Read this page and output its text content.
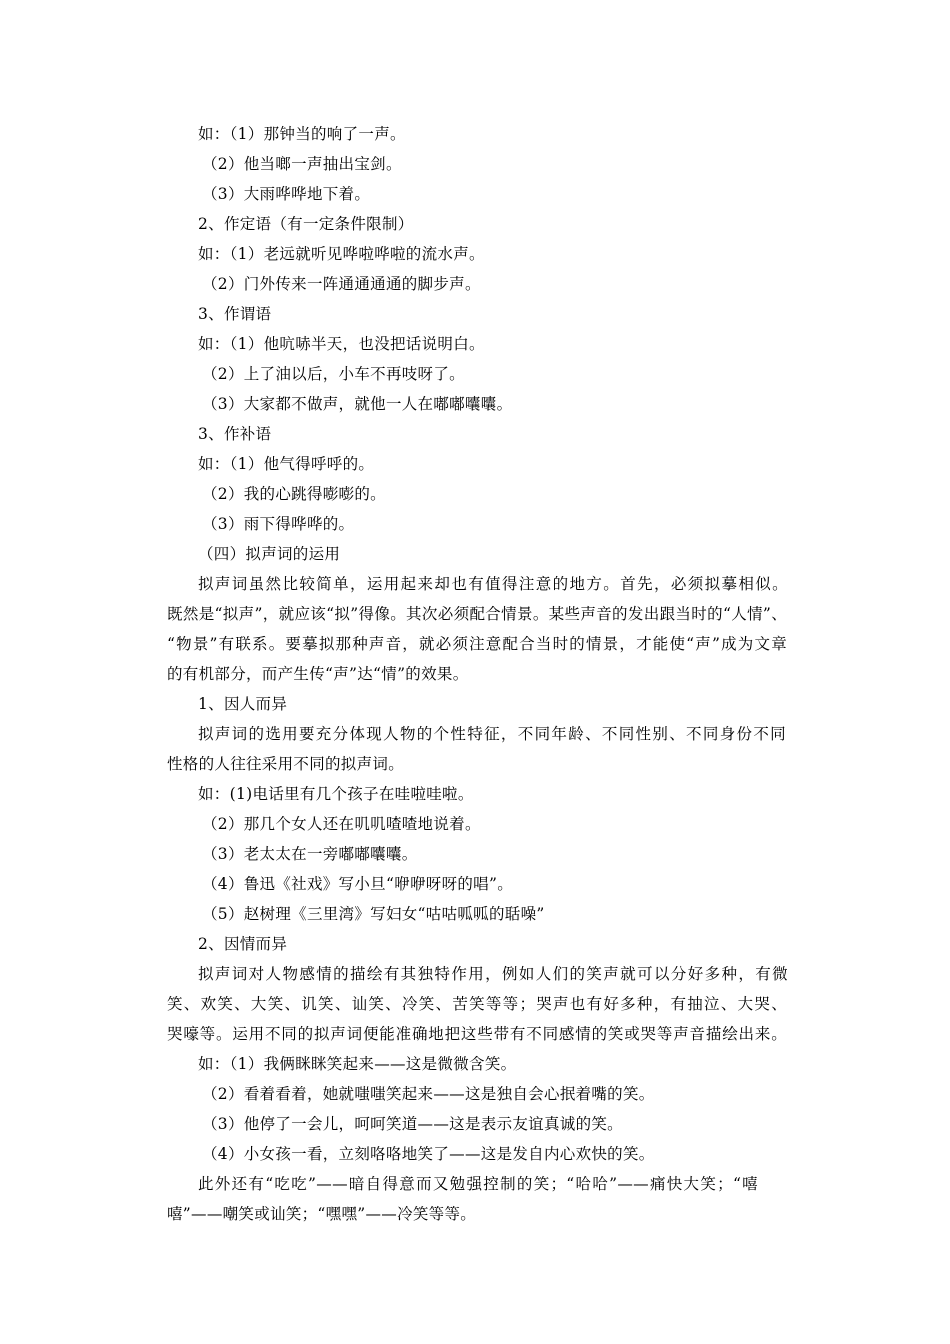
如：（1）那钟当的响了一声。
（2）他当啷一声抽出宝剑。
（3）大雨哗哗地下着。
2、作定语（有一定条件限制）
如：（1）老远就听见哗啦哗啦的流水声。
（2）门外传来一阵通通通通的脚步声。
3、作谓语
如：（1）他吭哧半天，也没把话说明白。
（2）上了油以后，小车不再吱呀了。
（3）大家都不做声，就他一人在嘟嘟囔囔。
3、作补语
如：（1）他气得呼呼的。
（2）我的心跳得嘭嘭的。
（3）雨下得哗哗的。
（四）拟声词的运用
拟声词虽然比较简单，运用起来却也有值得注意的地方。首先，必须拟摹相似。
既然是“拟声”，就应该“拟”得像。其次必须配合情景。某些声音的发出跟当时的“人情”、
“物景”有联系。要摹拟那种声音，就必须注意配合当时的情景，才能使“声”成为文章
的有机部分，而产生传“声”达“情”的效果。
1、因人而异
拟声词的选用要充分体现人物的个性特征，不同年龄、不同性别、不同身份不同
性格的人往往采用不同的拟声词。
如：(1)电话里有几个孩子在哇啦哇啦。
（2）那几个女人还在叽叽喳喳地说着。
（3）老太太在一旁嘟嘟囔囔。
（4）鲁迅《社戏》写小旦“咿咿呀呀的唱”。
（5）赵树理《三里湾》写妇女“咕咕呱呱的聒噪”
2、因情而异
拟声词对人物感情的描绘有其独特作用，例如人们的笑声就可以分好多种，有微
笑、欢笑、大笑、讥笑、讪笑、冷笑、苦笑等等；哭声也有好多种，有抽泣、大哭、
哭嚎等。运用不同的拟声词便能准确地把这些带有不同感情的笑或哭等声音描绘出来。
如：（1）我俩眯眯笑起来——这是微微含笑。
（2）看着看着，她就嗤嗤笑起来——这是独自会心抿着嘴的笑。
（3）他停了一会儿，呵呵笑道——这是表示友谊真诚的笑。
（4）小女孩一看，立刻咯咯地笑了——这是发自内心欢快的笑。
此外还有“吃吃”——暗自得意而又勉强控制的笑；“哈哈”——痛快大笑；“嘻
嘻”——嘲笑或讪笑；“嘿嘿”——冷笑等等。
